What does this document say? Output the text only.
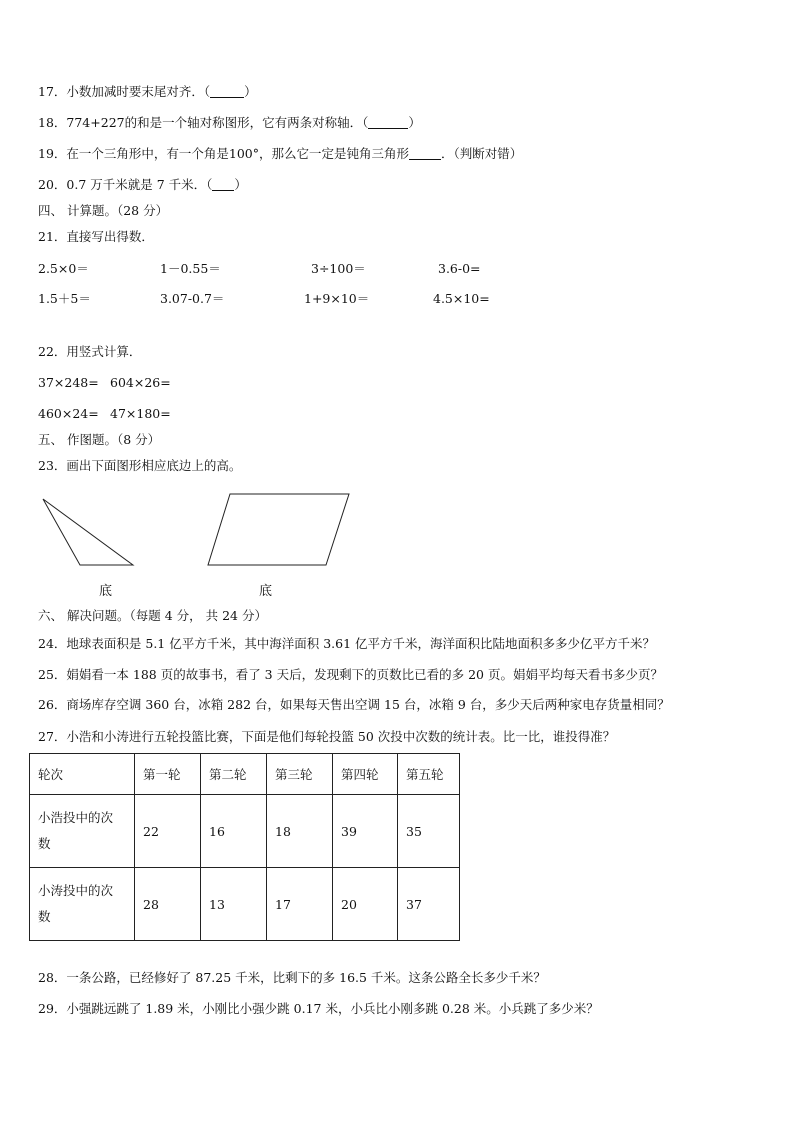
17．小数加减时要末尾对齐．（	）
18．774+227的和是一个轴对称图形，它有两条对称轴．（	）
19．在一个三角形中，有一个角是100°，那么它一定是钝角三角形	．（判断对错）
20．0.7 万千米就是 7 千米．（ ）
四、 计算题。（28 分）
21．直接写出得数．
2.5×0＝	1－0.55＝	3÷100＝	3.6-0=
1.5＋5＝	3.07-0.7＝	1+9×10＝	4.5×10=
22．用竖式计算．
37×248= 604×26=
460×24= 47×180=
五、 作图题。（8 分）
23．画出下面图形相应底边上的高。
底	底
六、 解决问题。（每题 4 分， 共 24 分）
24．地球表面积是 5.1 亿平方千米，其中海洋面积 3.61 亿平方千米，海洋面积比陆地面积多多少亿平方千米？
25．娟娟看一本 188 页的故事书，看了 3 天后，发现剩下的页数比已看的多 20 页。娟娟平均每天看书多少页？
26．商场库存空调 360 台，冰箱 282 台，如果每天售出空调 15 台，冰箱 9 台，多少天后两种家电存货量相同？
27．小浩和小涛进行五轮投篮比赛，下面是他们每轮投篮 50 次投中次数的统计表。比一比，谁投得准？
轮次	第一轮	第二轮	第三轮	第四轮	第五轮
小浩投中的次
数	22	16	18	39	35
小涛投中的次
数	28	13	17	20	37
28．一条公路，已经修好了 87.25 千米，比剩下的多 16.5 千米。这条公路全长多少千米？
29．小强跳远跳了 1.89 米，小刚比小强少跳 0.17 米，小兵比小刚多跳 0.28 米。小兵跳了多少米？
